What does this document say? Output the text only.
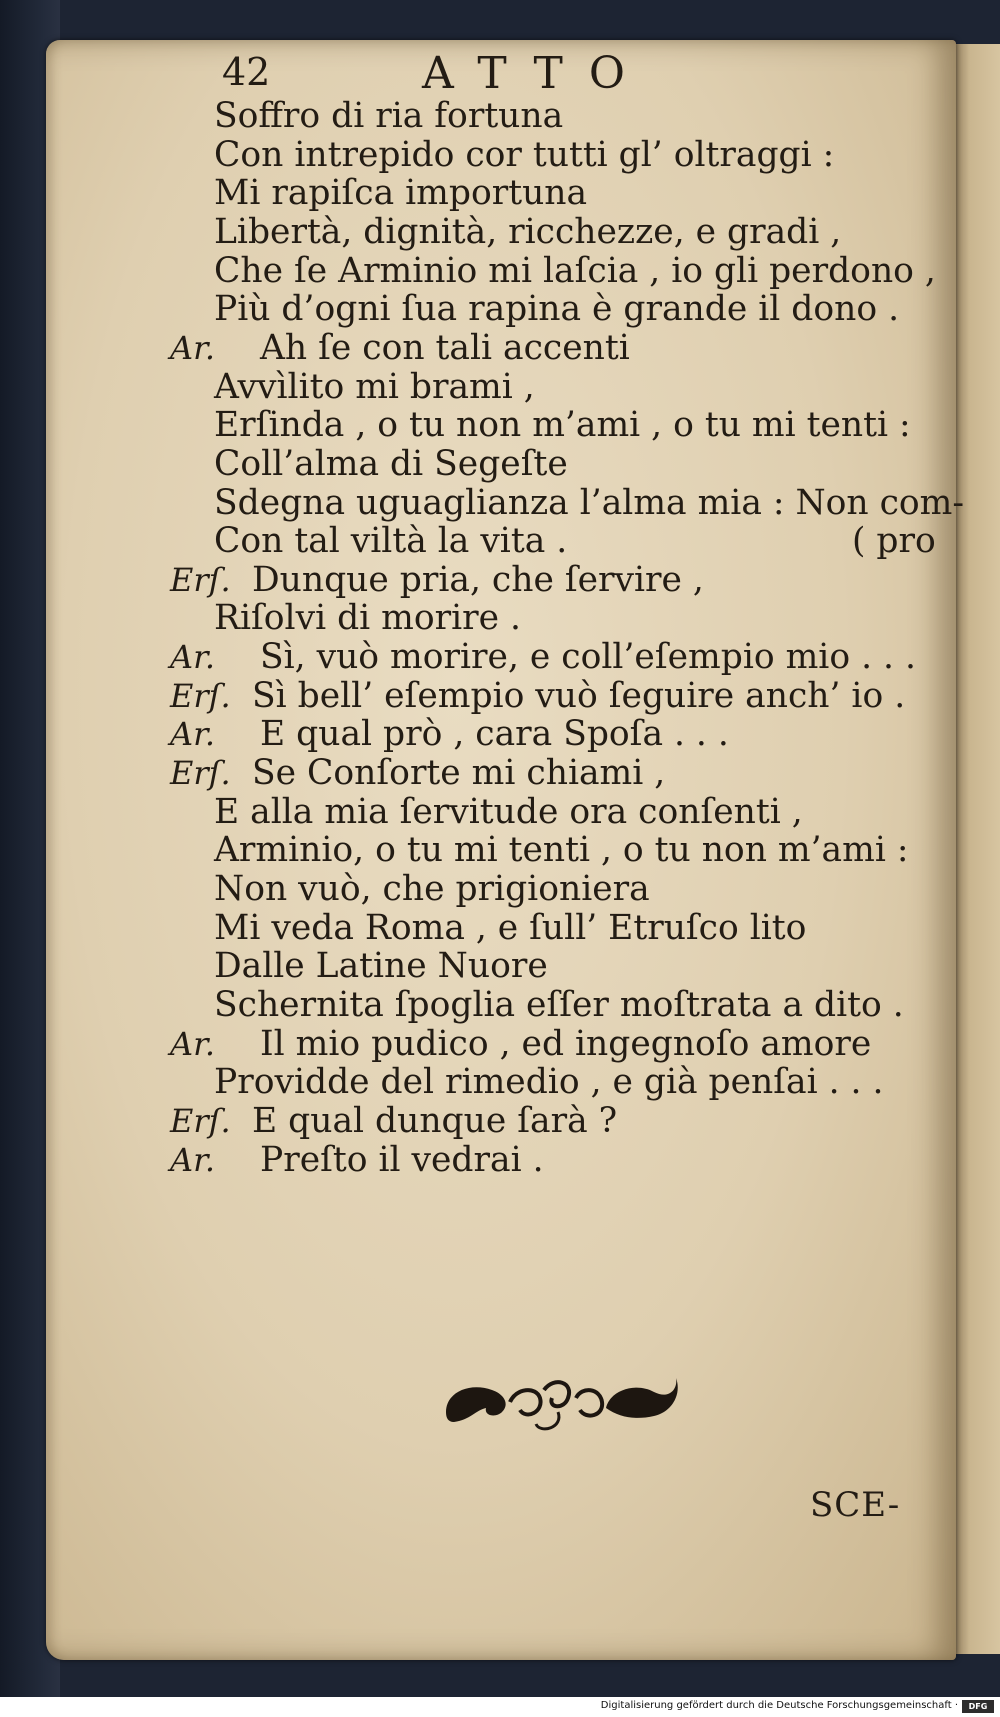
42	ATTO
Soffro di ria fortuna
Con intrepido cor tutti gl’ oltraggi :
Mi rapiſca importuna
Libertà, dignità, ricchezze, e gradi ,
Che ſe Arminio mi laſcia , io gli perdono ,
Più d’ogni ſua rapina è grande il dono .
Ar. Ah ſe con tali accenti
Avvìlito mi brami ,
Erſinda , o tu non m’ami , o tu mi tenti :
Coll’alma di Segeſte
Sdegna uguaglianza l’alma mia : Non com-
Con tal viltà la vita .	( pro
Erſ. Dunque pria, che ſervire ,
Riſolvi di morire .
Ar. Sì, vuò morire, e coll’eſempio mio . . .
Erſ. Sì bell’ eſempio vuò ſeguire anch’ io .
Ar. E qual prò , cara Spoſa . . .
Erſ. Se Conſorte mi chiami ,
E alla mia ſervitude ora conſenti ,
Arminio, o tu mi tenti , o tu non m’ami :
Non vuò, che prigioniera
Mi veda Roma , e ſull’ Etruſco lito
Dalle Latine Nuore
Schernita ſpoglia eſſer moſtrata a dito .
Ar. Il mio pudico , ed ingegnoſo amore
Providde del rimedio , e già penſai . . .
Erſ. E qual dunque ſarà ?
Ar. Preſto il vedrai .
SCE-
Digitalisierung gefördert durch die Deutsche Forschungsgemeinschaft ·	DFG
